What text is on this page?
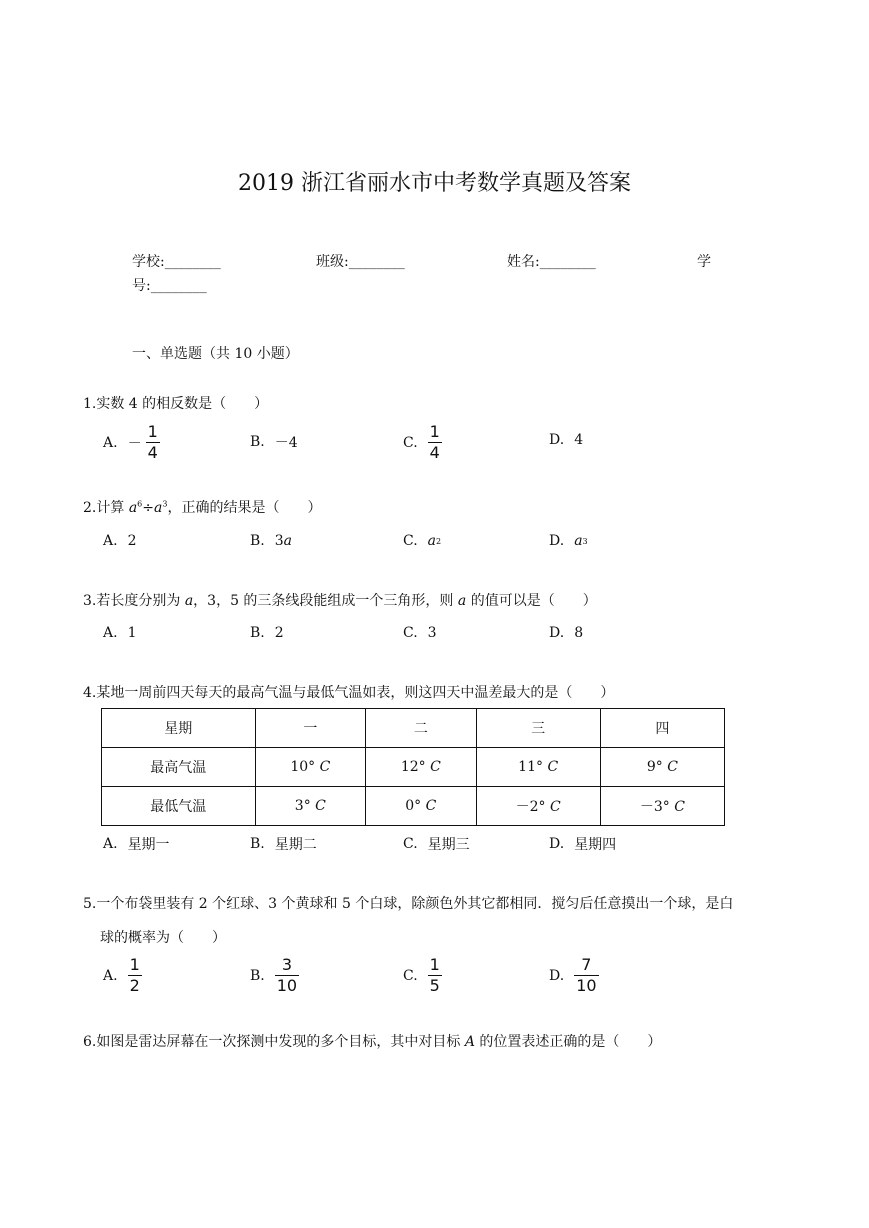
2019 浙江省丽水市中考数学真题及答案
学校:________	班级:________	姓名:________	学
号:________
一、单选题（共 10 小题）
1.实数 4 的相反数是（　　）
A. － $\frac{1}{4}$	B. －4	C. $\frac{1}{4}$	D. 4
2.计算 $a^6\div a^3$，正确的结果是（　　）
A. 2	B. 3 a	C. a 2	D. a 3
3.若长度分别为 a，3，5 的三条线段能组成一个三角形，则 a 的值可以是（　　）
A. 1	B. 2	C. 3	D. 8
4.某地一周前四天每天的最高气温与最低气温如表，则这四天中温差最大的是（　　）
星期	一	二	三	四
最高气温	10° C	12° C	11° C	9° C
最低气温	3° C	0° C	－2° C	－3° C
A. 星期一	B. 星期二	C. 星期三	D. 星期四
5.一个布袋里装有 2 个红球、3 个黄球和 5 个白球，除颜色外其它都相同．搅匀后任意摸出一个球，是白
球的概率为（　　）
A. $\frac{1}{2}$	B. $\frac{3}{10}$	C. $\frac{1}{5}$	D. $\frac{7}{10}$
6.如图是雷达屏幕在一次探测中发现的多个目标，其中对目标 A 的位置表述正确的是（　　）
